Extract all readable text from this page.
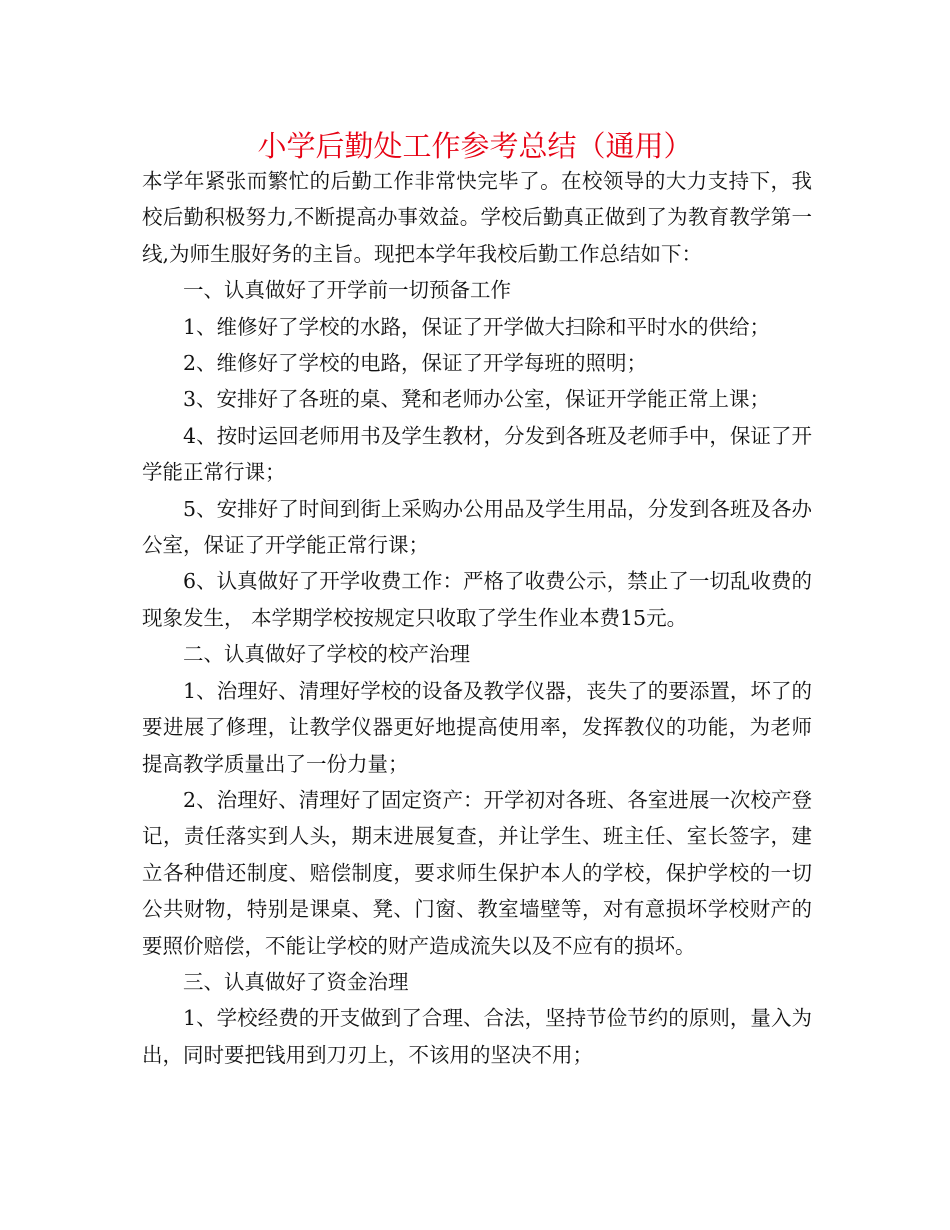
小学后勤处工作参考总结（通用）

本学年紧张而繁忙的后勤工作非常快完毕了。在校领导的大力支持下，我校后勤积极努力,不断提高办事效益。学校后勤真正做到了为教育教学第一线,为师生服好务的主旨。现把本学年我校后勤工作总结如下：

一、认真做好了开学前一切预备工作

1、维修好了学校的水路，保证了开学做大扫除和平时水的供给；

2、维修好了学校的电路，保证了开学每班的照明；

3、安排好了各班的桌、凳和老师办公室，保证开学能正常上课；

4、按时运回老师用书及学生教材，分发到各班及老师手中，保证了开学能正常行课；

5、安排好了时间到街上采购办公用品及学生用品，分发到各班及各办公室，保证了开学能正常行课；

6、认真做好了开学收费工作：严格了收费公示，禁止了一切乱收费的现象发生， 本学期学校按规定只收取了学生作业本费15元。

二、认真做好了学校的校产治理

1、治理好、清理好学校的设备及教学仪器，丧失了的要添置，坏了的要进展了修理，让教学仪器更好地提高使用率，发挥教仪的功能，为老师提高教学质量出了一份力量；

2、治理好、清理好了固定资产：开学初对各班、各室进展一次校产登记，责任落实到人头，期末进展复查，并让学生、班主任、室长签字，建立各种借还制度、赔偿制度，要求师生保护本人的学校，保护学校的一切公共财物，特别是课桌、凳、门窗、教室墙壁等，对有意损坏学校财产的要照价赔偿，不能让学校的财产造成流失以及不应有的损坏。

三、认真做好了资金治理

1、学校经费的开支做到了合理、合法，坚持节俭节约的原则，量入为出，同时要把钱用到刀刃上，不该用的坚决不用；
